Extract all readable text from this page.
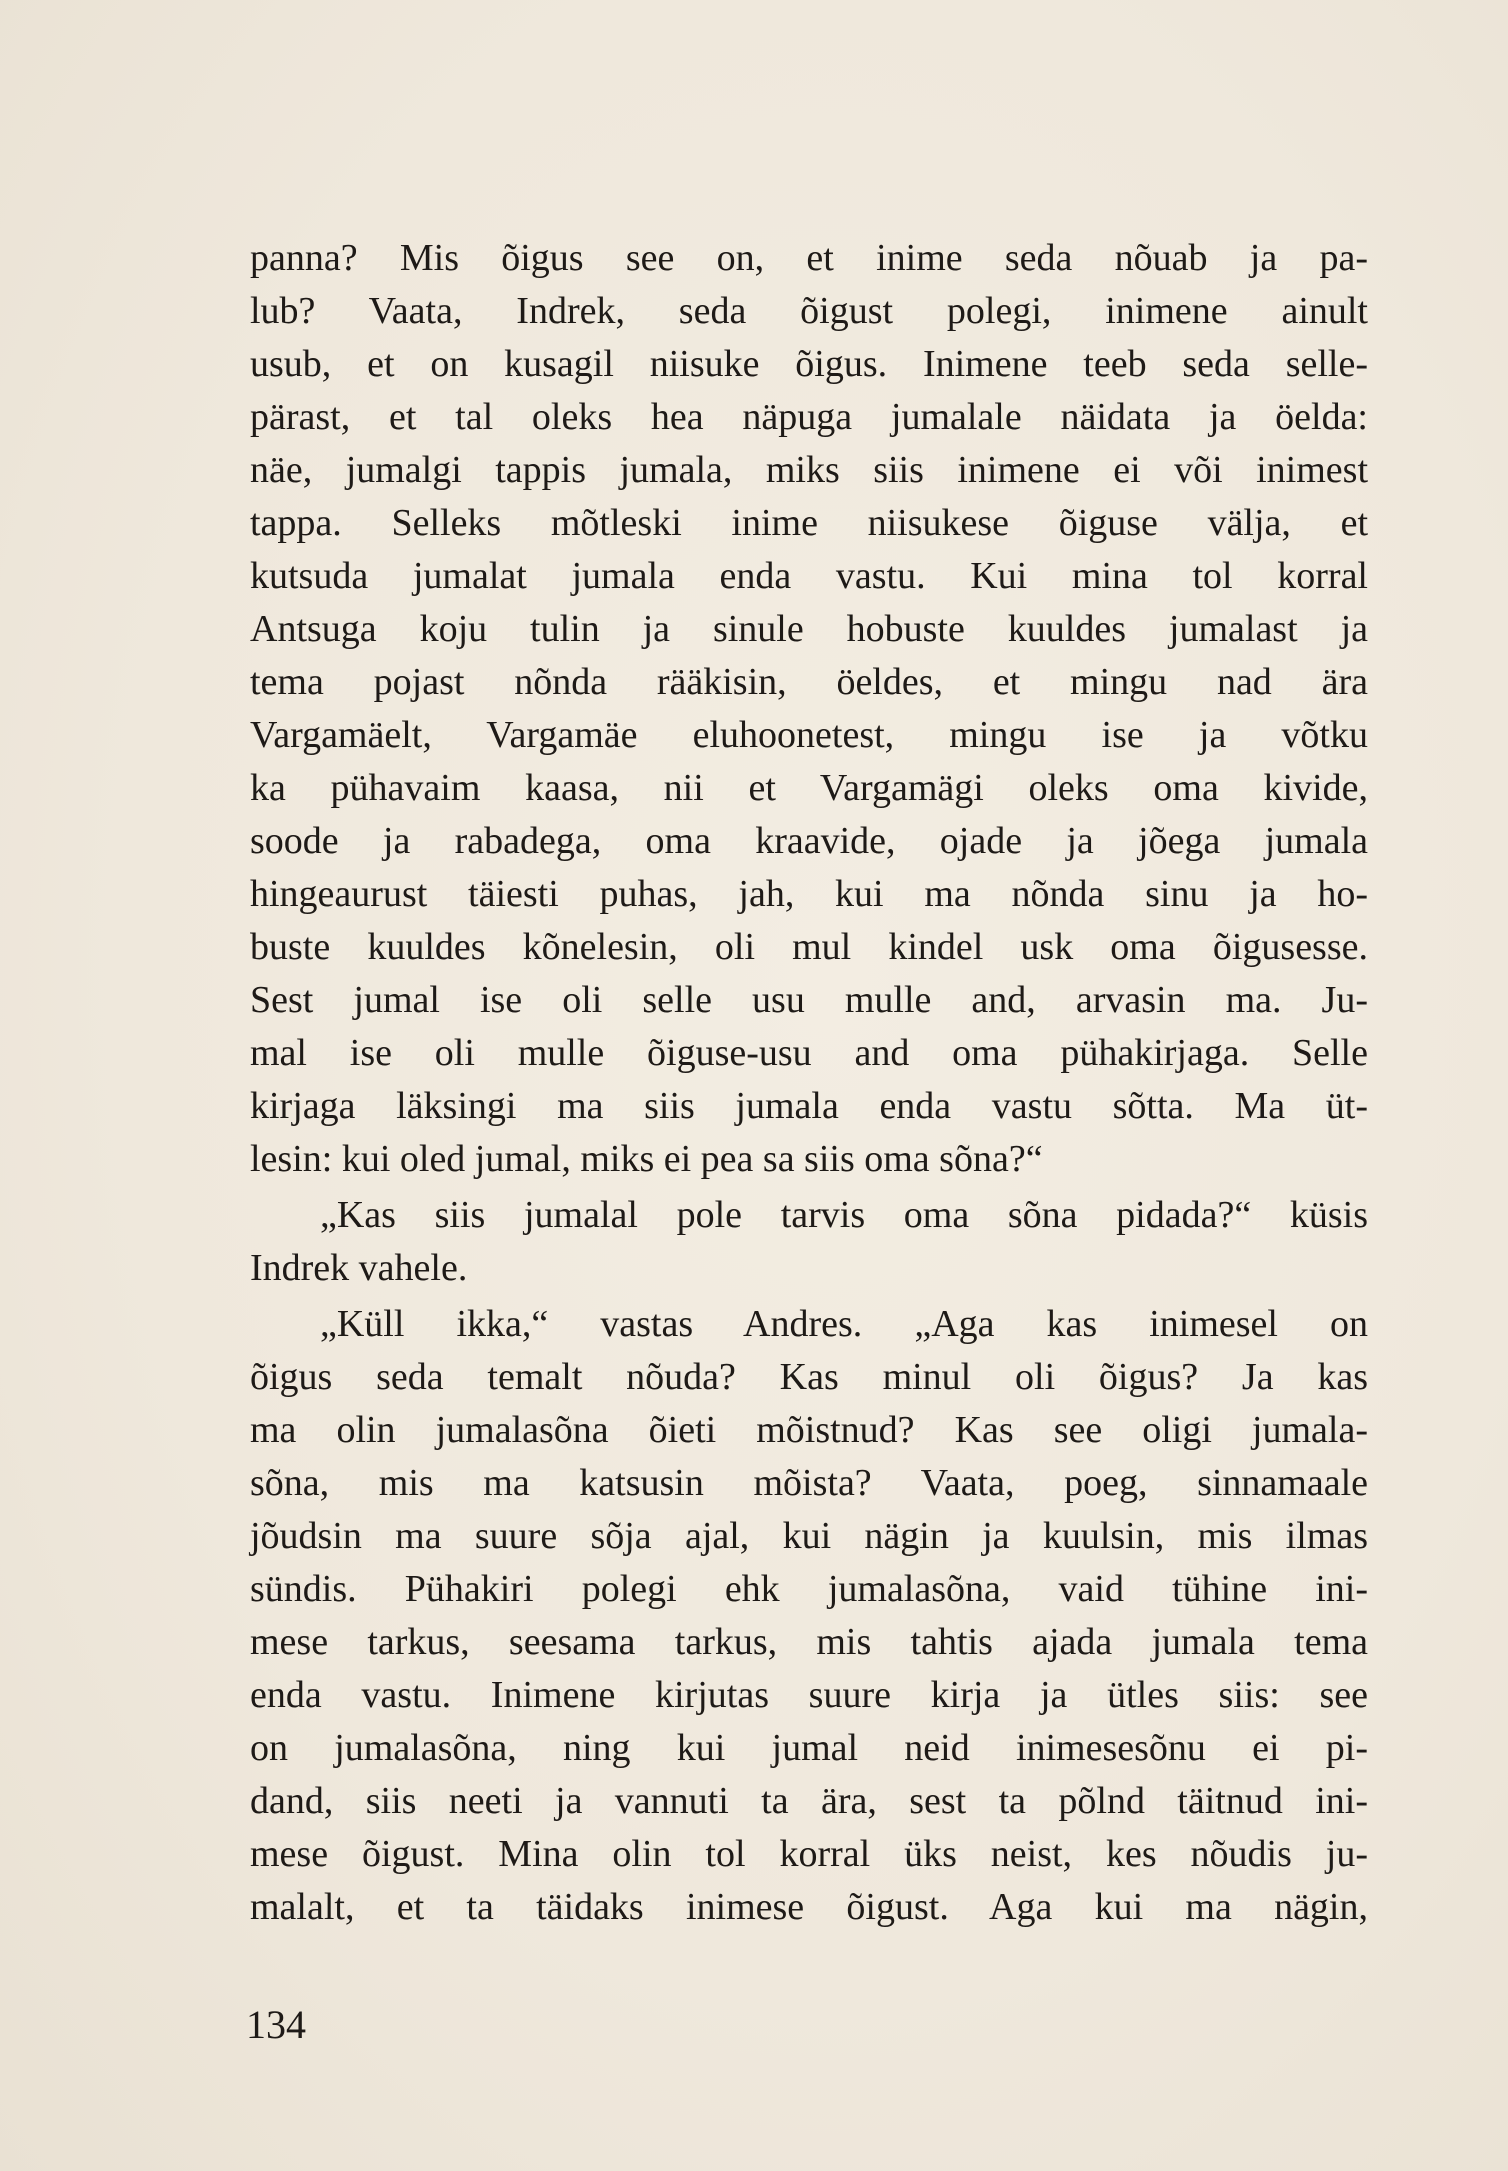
panna? Mis õigus see on, et inime seda nõuab ja pa-
lub? Vaata, Indrek, seda õigust polegi, inimene ainult
usub, et on kusagil niisuke õigus. Inimene teeb seda selle-
pärast, et tal oleks hea näpuga jumalale näidata ja öelda:
näe, jumalgi tappis jumala, miks siis inimene ei või inimest
tappa. Selleks mõtleski inime niisukese õiguse välja, et
kutsuda jumalat jumala enda vastu. Kui mina tol korral
Antsuga koju tulin ja sinule hobuste kuuldes jumalast ja
tema pojast nõnda rääkisin, öeldes, et mingu nad ära
Vargamäelt, Vargamäe eluhoonetest, mingu ise ja võtku
ka pühavaim kaasa, nii et Vargamägi oleks oma kivide,
soode ja rabadega, oma kraavide, ojade ja jõega jumala
hingeaurust täiesti puhas, jah, kui ma nõnda sinu ja ho-
buste kuuldes kõnelesin, oli mul kindel usk oma õigusesse.
Sest jumal ise oli selle usu mulle and, arvasin ma. Ju-
mal ise oli mulle õiguse-usu and oma pühakirjaga. Selle
kirjaga läksingi ma siis jumala enda vastu sõtta. Ma üt-
lesin: kui oled jumal, miks ei pea sa siis oma sõna?“
„Kas siis jumalal pole tarvis oma sõna pidada?“ küsis
Indrek vahele.
„Küll ikka,“ vastas Andres. „Aga kas inimesel on
õigus seda temalt nõuda? Kas minul oli õigus? Ja kas
ma olin jumalasõna õieti mõistnud? Kas see oligi jumala-
sõna, mis ma katsusin mõista? Vaata, poeg, sinnamaale
jõudsin ma suure sõja ajal, kui nägin ja kuulsin, mis ilmas
sündis. Pühakiri polegi ehk jumalasõna, vaid tühine ini-
mese tarkus, seesama tarkus, mis tahtis ajada jumala tema
enda vastu. Inimene kirjutas suure kirja ja ütles siis: see
on jumalasõna, ning kui jumal neid inimesesõnu ei pi-
dand, siis neeti ja vannuti ta ära, sest ta põlnd täitnud ini-
mese õigust. Mina olin tol korral üks neist, kes nõudis ju-
malalt, et ta täidaks inimese õigust. Aga kui ma nägin,
134
